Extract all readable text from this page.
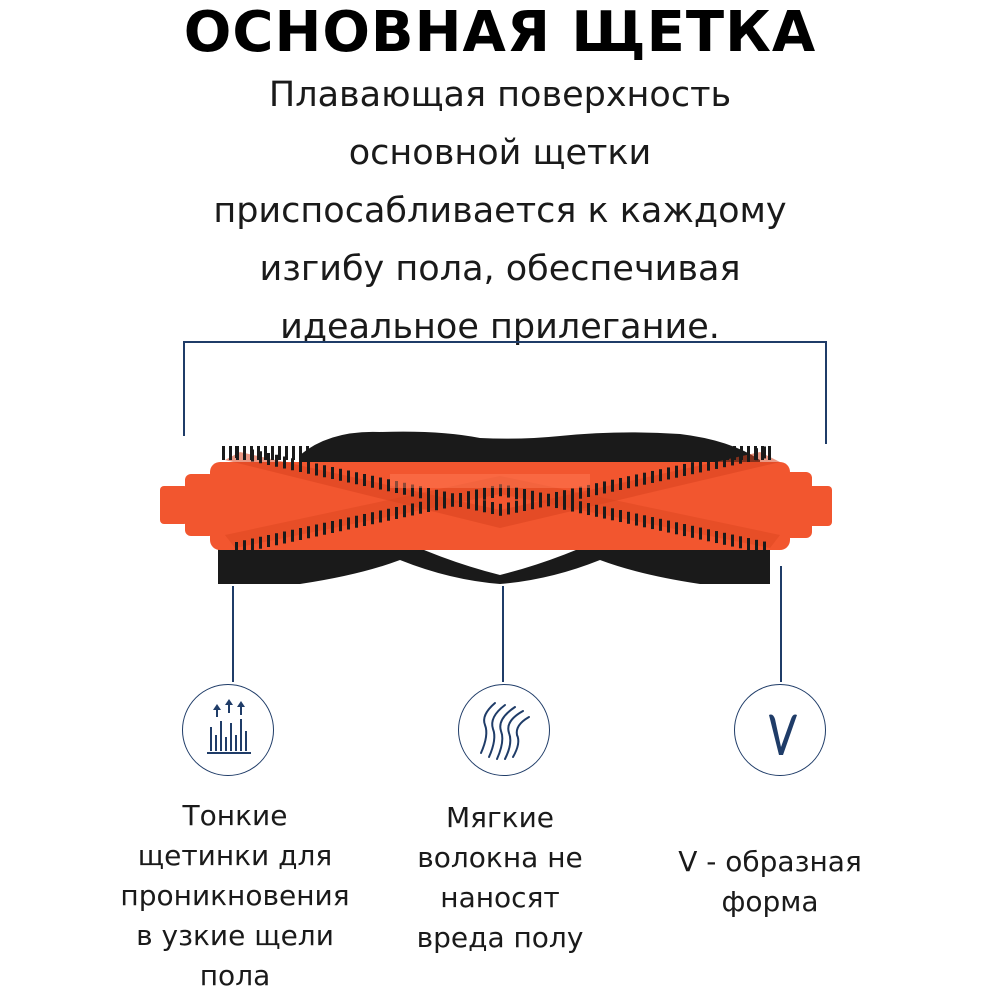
ОСНОВНАЯ ЩЕТКА
Плавающая поверхность
основной щетки
приспосабливается к каждому
изгибу пола, обеспечивая
идеальное прилегание.
Тонкие
щетинки для
проникновения
в узкие щели
пола
Мягкие
волокна не
наносят
вреда полу
V - образная
форма
